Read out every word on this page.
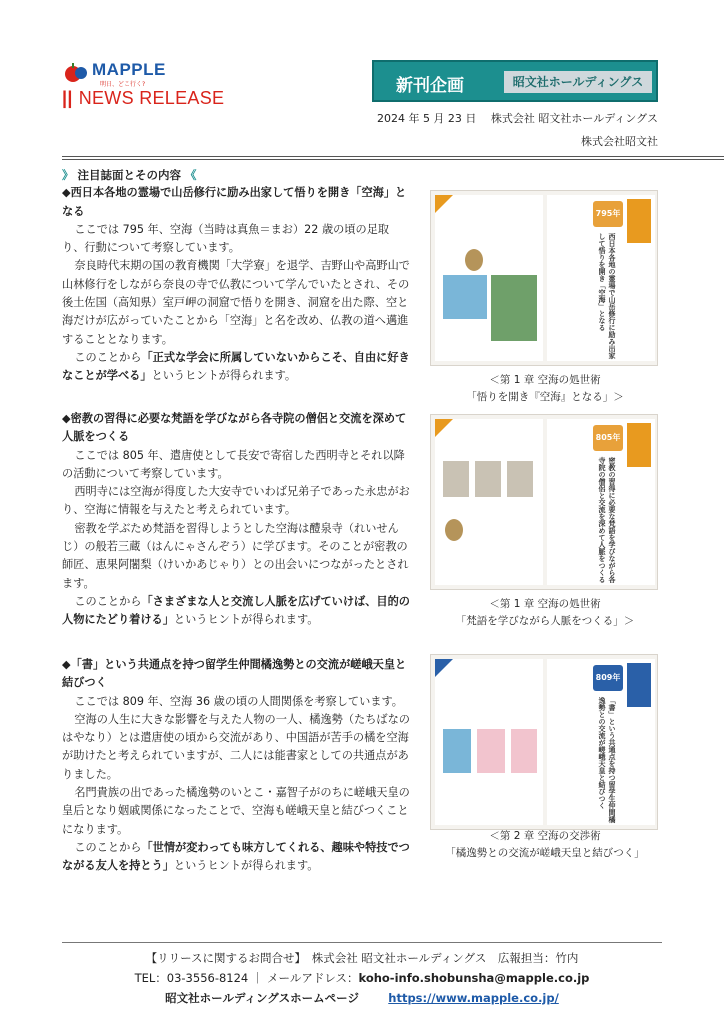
MAPPLE
明日、どこ行く?
|| NEWS RELEASE
新刊企画	昭文社ホールディングス
2024 年 5 月 23 日　 株式会社 昭文社ホールディングス
株式会社昭文社
》 注目誌面とその内容 《
◆西日本各地の霊場で山岳修行に励み出家して悟りを開き「空海」となる
ここでは 795 年、空海（当時は真魚＝まお）22 歳の頃の足取り、行動について考察しています。
奈良時代末期の国の教育機関「大学寮」を退学、吉野山や高野山で山林修行をしながら奈良の寺で仏教について学んでいたとされ、その後土佐国（高知県）室戸岬の洞窟で悟りを開き、洞窟を出た際、空と海だけが広がっていたことから「空海」と名を改め、仏教の道へ邁進することとなります。
このことから「正式な学会に所属していないからこそ、自由に好きなことが学べる」というヒントが得られます。
◆密教の習得に必要な梵語を学びながら各寺院の僧侶と交流を深めて人脈をつくる
ここでは 805 年、遣唐使として長安で寄宿した西明寺とそれ以降の活動について考察しています。
西明寺には空海が得度した大安寺でいわば兄弟子であった永忠がおり、空海に情報を与えたと考えられています。
密教を学ぶため梵語を習得しようとした空海は醴泉寺（れいせんじ）の般若三蔵（はんにゃさんぞう）に学びます。そのことが密教の師匠、恵果阿闍梨（けいかあじゃり）との出会いにつながったとされます。
このことから「さまざまな人と交流し人脈を広げていけば、目的の人物にたどり着ける」というヒントが得られます。
◆「書」という共通点を持つ留学生仲間橘逸勢との交流が嵯峨天皇と結びつく
ここでは 809 年、空海 36 歳の頃の人間関係を考察しています。
空海の人生に大きな影響を与えた人物の一人、橘逸勢（たちばなのはやなり）とは遣唐使の頃から交流があり、中国語が苦手の橘を空海が助けたと考えられていますが、二人には能書家としての共通点がありました。
名門貴族の出であった橘逸勢のいとこ・嘉智子がのちに嵯峨天皇の皇后となり姻戚関係になったことで、空海も嵯峨天皇と結びつくことになります。
このことから「世情が変わっても味方してくれる、趣味や特技でつながる友人を持とう」というヒントが得られます。
795年
西日本各地の霊場で山岳修行に励み出家して悟りを開き「空海」となる
＜第 1 章 空海の処世術
「悟りを開き『空海』となる」＞
805年
密教の習得に必要な梵語を学びながら各寺院の僧侶と交流を深めて人脈をつくる
＜第 1 章 空海の処世術
「梵語を学びながら人脈をつくる」＞
809年
「書」という共通点を持つ留学生仲間橘逸勢との交流が嵯峨天皇と結びつく
＜第 2 章 空海の交渉術
「橘逸勢との交流が嵯峨天皇と結びつく」
【リリースに関するお問合せ】　株式会社 昭文社ホールディングス　広報担当：竹内
TEL：03-3556-8124 ｜ メールアドレス：koho-info.shobunsha@mapple.co.jp
昭文社ホールディングスホームページ	https://www.mapple.co.jp/
